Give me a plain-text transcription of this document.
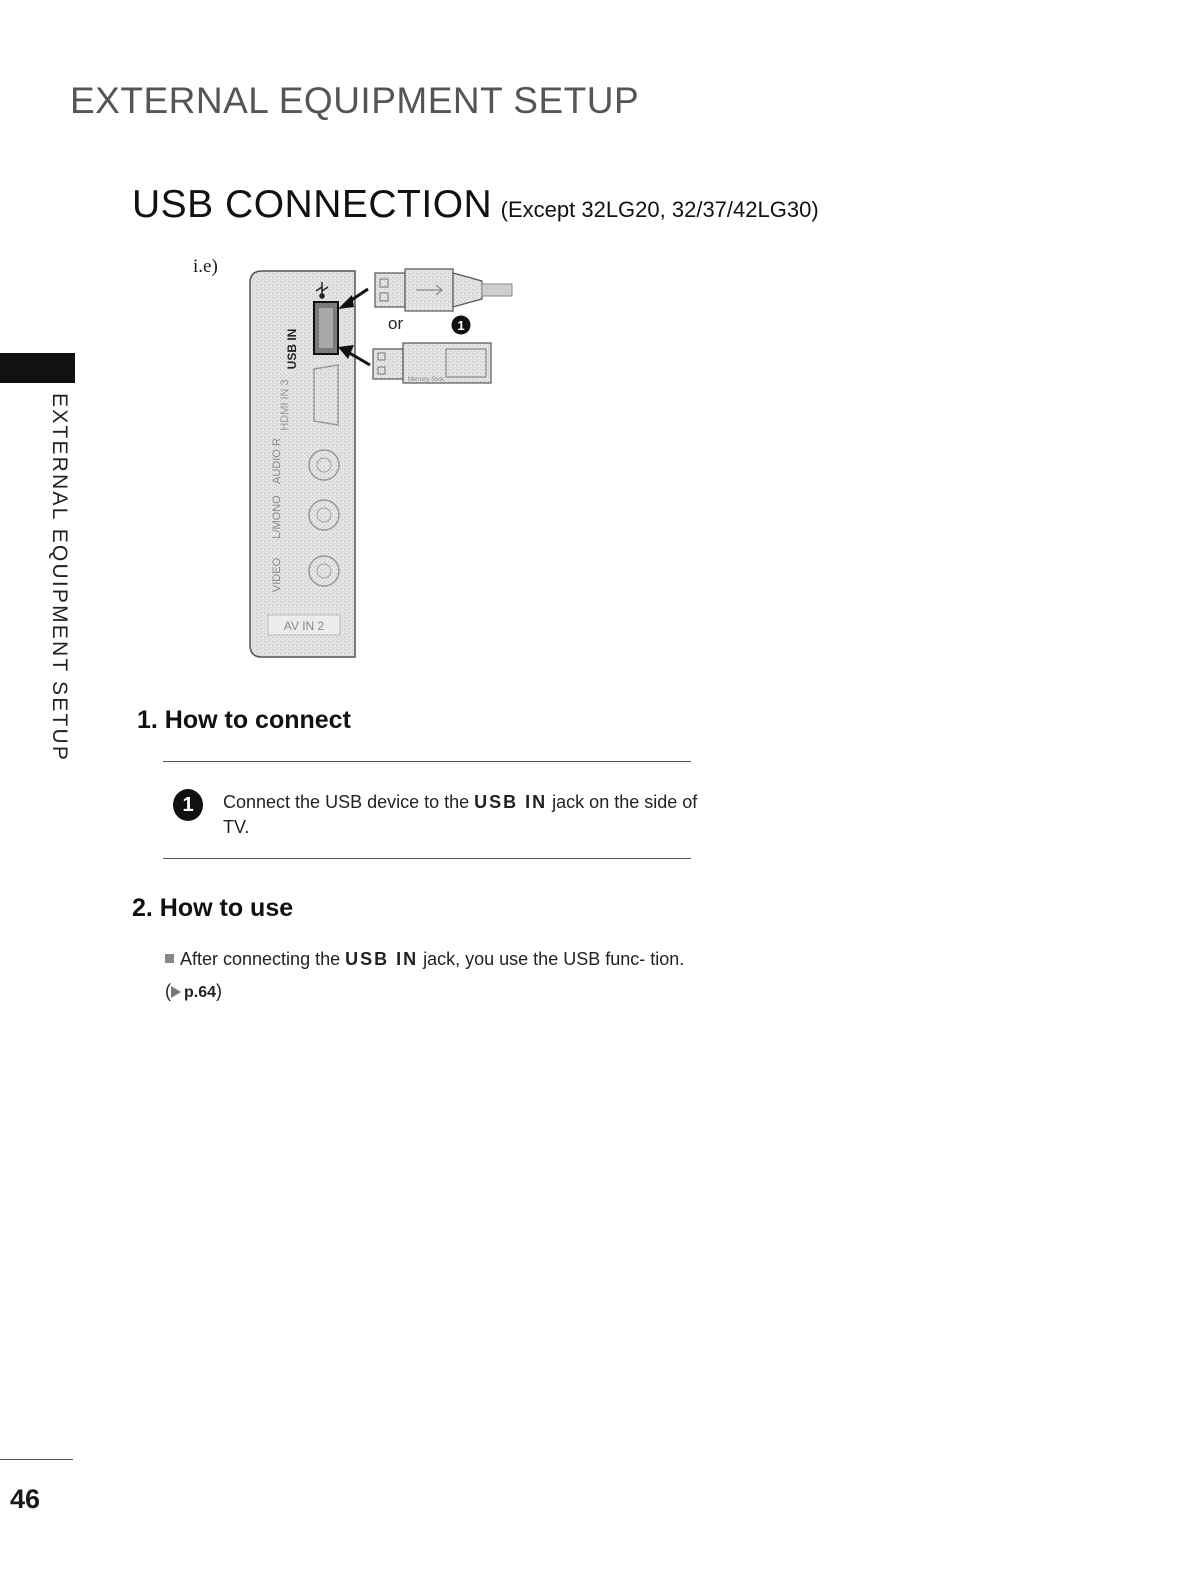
EXTERNAL EQUIPMENT SETUP
USB CONNECTION (Except 32LG20, 32/37/42LG30)
EXTERNAL EQUIPMENT SETUP
i.e)
USB IN
HDMI IN 3
AUDIO R
L/MONO
VIDEO
AV IN 2
Memory Stick
or	1
1. How to connect
1	Connect the USB device to the USB IN jack on the side of TV.
2. How to use
After connecting the USB IN jack, you use the USB func- tion. ( p.64)
46
